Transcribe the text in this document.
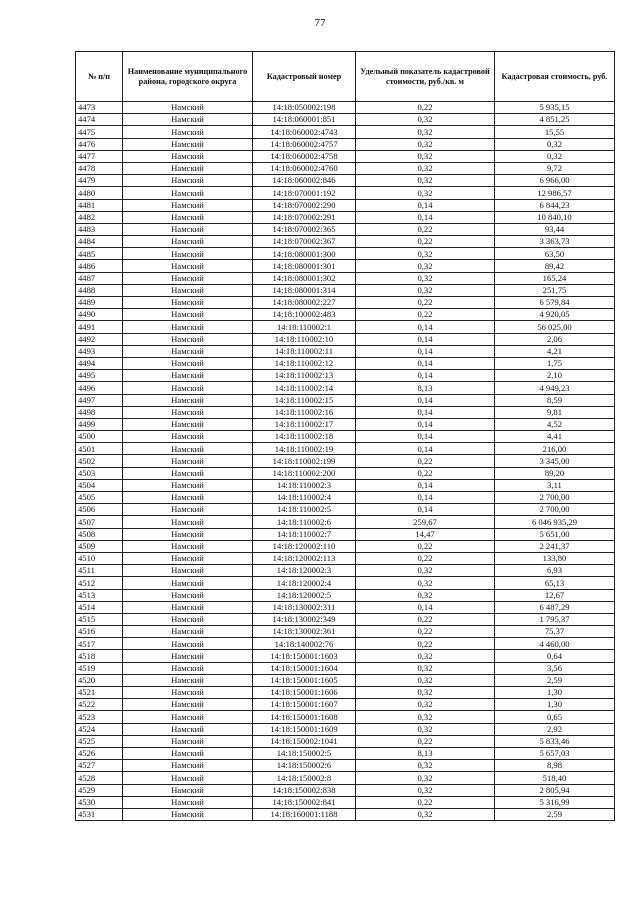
77
№ п/п	Наименование муниципального района, городского округа	Кадастровый номер	Удельный показатель кадастровой стоимости, руб./кв. м	Кадастровая стоимость, руб.
4473	Намский	14:18:050002:198	0,22	5 935,15
4474	Намский	14:18:060001:851	0,32	4 851,25
4475	Намский	14:18:060002:4743	0,32	15,55
4476	Намский	14:18:060002:4757	0,32	0,32
4477	Намский	14:18:060002:4758	0,32	0,32
4478	Намский	14:18:060002:4760	0,32	9,72
4479	Намский	14:18:060002:846	0,32	6 966,00
4480	Намский	14:18:070001:192	0,32	12 986,57
4481	Намский	14:18:070002:290	0,14	6 844,23
4482	Намский	14:18:070002:291	0,14	10 840,10
4483	Намский	14:18:070002:365	0,22	93,44
4484	Намский	14:18:070002:367	0,22	3 363,73
4485	Намский	14:18:080001:300	0,32	63,50
4486	Намский	14:18:080001:301	0,32	89,42
4487	Намский	14:18:080001:302	0,32	165,24
4488	Намский	14:18:080001:314	0,32	251,75
4489	Намский	14:18:080002:227	0,22	6 579,84
4490	Намский	14:18:100002:483	0,22	4 920,05
4491	Намский	14:18:110002:1	0,14	56 025,00
4492	Намский	14:18:110002:10	0,14	2,06
4493	Намский	14:18:110002:11	0,14	4,21
4494	Намский	14:18:110002:12	0,14	1,75
4495	Намский	14:18:110002:13	0,14	2,10
4496	Намский	14:18:110002:14	8,13	4 949,23
4497	Намский	14:18:110002:15	0,14	8,59
4498	Намский	14:18:110002:16	0,14	9,81
4499	Намский	14:18:110002:17	0,14	4,52
4500	Намский	14:18:110002:18	0,14	4,41
4501	Намский	14:18:110002:19	0,14	216,00
4502	Намский	14:18:110002:199	0,22	3 345,00
4503	Намский	14:18:110002:200	0,22	89,20
4504	Намский	14:18:110002:3	0,14	3,11
4505	Намский	14:18:110002:4	0,14	2 700,00
4506	Намский	14:18:110002:5	0,14	2 700,00
4507	Намский	14:18:110002:6	259,67	6 046 935,29
4508	Намский	14:18:110002:7	14,47	5 651,00
4509	Намский	14:18:120002:110	0,22	2 241,37
4510	Намский	14:18:120002:113	0,22	133,80
4511	Намский	14:18:120002:3	0,32	6,93
4512	Намский	14:18:120002:4	0,32	65,13
4513	Намский	14:18:120002:5	0,32	12,67
4514	Намский	14:18:130002:311	0,14	6 487,29
4515	Намский	14:18:130002:349	0,22	1 795,37
4516	Намский	14:18:130002:361	0,22	75,37
4517	Намский	14:18:140002:76	0,22	4 460,00
4518	Намский	14:18:150001:1603	0,32	0,64
4519	Намский	14:18:150001:1604	0,32	3,56
4520	Намский	14:18:150001:1605	0,32	2,59
4521	Намский	14:18:150001:1606	0,32	1,30
4522	Намский	14:18:150001:1607	0,32	1,30
4523	Намский	14:18:150001:1608	0,32	0,65
4524	Намский	14:18:150001:1609	0,32	2,92
4525	Намский	14:18:150002:1041	0,22	5 833,46
4526	Намский	14:18:150002:5	8,13	5 657,03
4527	Намский	14:18:150002:6	0,32	8,98
4528	Намский	14:18:150002:8	0,32	518,40
4529	Намский	14:18:150002:838	0,32	2 805,94
4530	Намский	14:18:150002:841	0,22	5 316,99
4531	Намский	14:18:160001:1188	0,32	2,59
